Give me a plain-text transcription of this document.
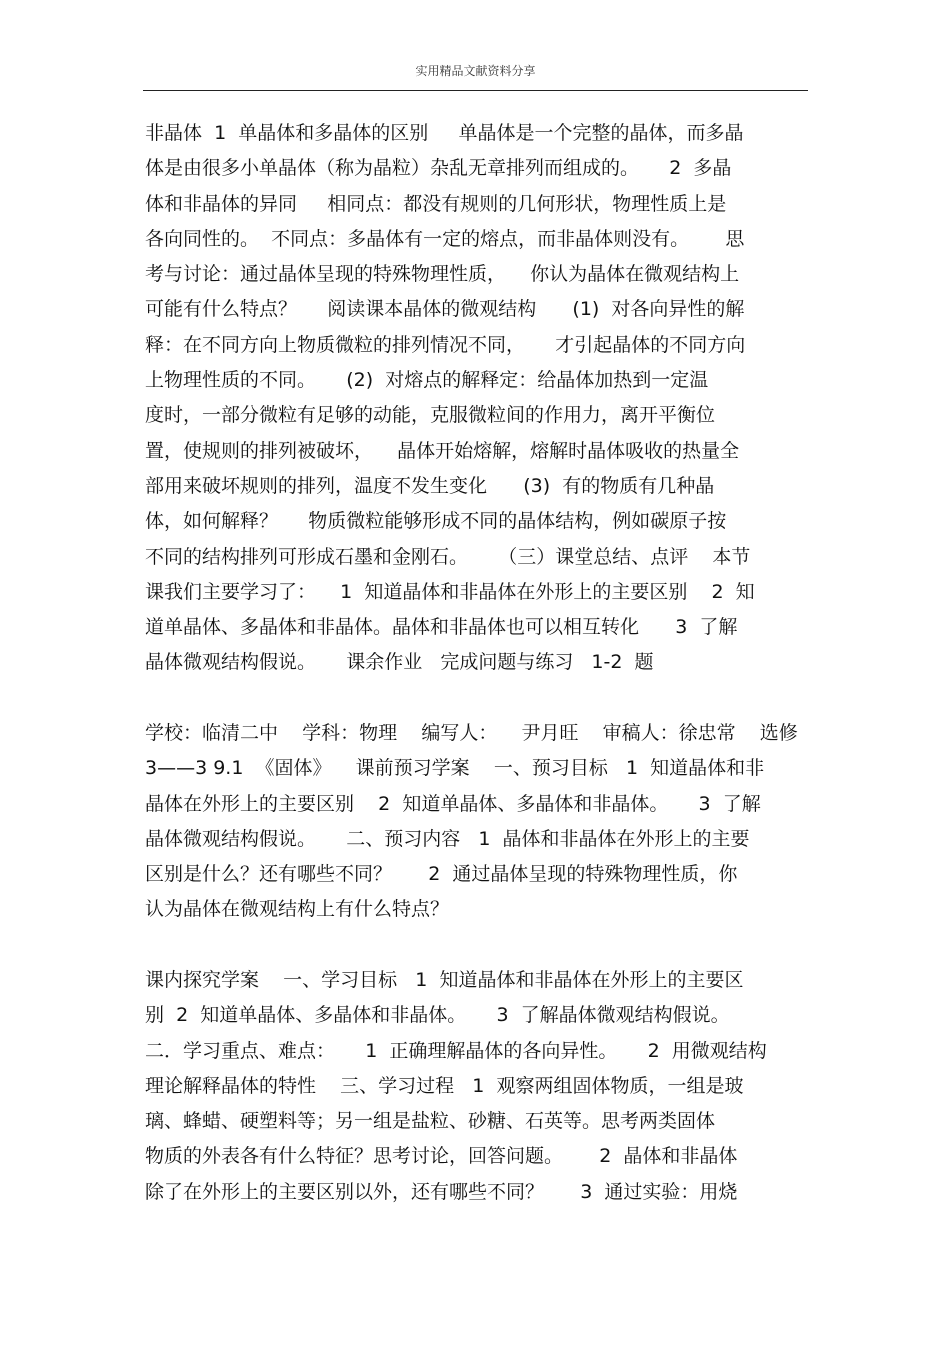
实用精品文献资料分享
非晶体  1  单晶体和多晶体的区别     单晶体是一个完整的晶体，而多晶
体是由很多小单晶体（称为晶粒）杂乱无章排列而组成的。     2  多晶
体和非晶体的异同     相同点：都没有规则的几何形状，物理性质上是
各向同性的。  不同点：多晶体有一定的熔点，而非晶体则没有。      思
考与讨论：通过晶体呈现的特殊物理性质，    你认为晶体在微观结构上
可能有什么特点？     阅读课本晶体的微观结构      (1)  对各向异性的解
释：在不同方向上物质微粒的排列情况不同，     才引起晶体的不同方向
上物理性质的不同。     (2)  对熔点的解释定：给晶体加热到一定温
度时，一部分微粒有足够的动能，克服微粒间的作用力，离开平衡位
置，使规则的排列被破坏，    晶体开始熔解，熔解时晶体吸收的热量全
部用来破坏规则的排列，温度不发生变化      (3)  有的物质有几种晶
体，如何解释？     物质微粒能够形成不同的晶体结构，例如碳原子按
不同的结构排列可形成石墨和金刚石。     （三）课堂总结、点评    本节
课我们主要学习了：    1  知道晶体和非晶体在外形上的主要区别    2  知
道单晶体、多晶体和非晶体。晶体和非晶体也可以相互转化      3  了解
晶体微观结构假说。     课余作业   完成问题与练习   1-2  题
学校：临清二中    学科：物理    编写人：    尹月旺    审稿人：徐忠常    选修
3——3 9.1  《固体》    课前预习学案    一、预习目标   1  知道晶体和非
晶体在外形上的主要区别    2  知道单晶体、多晶体和非晶体。     3  了解
晶体微观结构假说。     二、预习内容   1  晶体和非晶体在外形上的主要
区别是什么？还有哪些不同？      2  通过晶体呈现的特殊物理性质，你
认为晶体在微观结构上有什么特点？
课内探究学案    一、学习目标   1  知道晶体和非晶体在外形上的主要区
别  2  知道单晶体、多晶体和非晶体。     3  了解晶体微观结构假说。
二．学习重点、难点：     1  正确理解晶体的各向异性。     2  用微观结构
理论解释晶体的特性    三、学习过程   1  观察两组固体物质，一组是玻
璃、蜂蜡、硬塑料等；另一组是盐粒、砂糖、石英等。思考两类固体
物质的外表各有什么特征？思考讨论，回答问题。      2  晶体和非晶体
除了在外形上的主要区别以外，还有哪些不同？      3  通过实验：用烧
